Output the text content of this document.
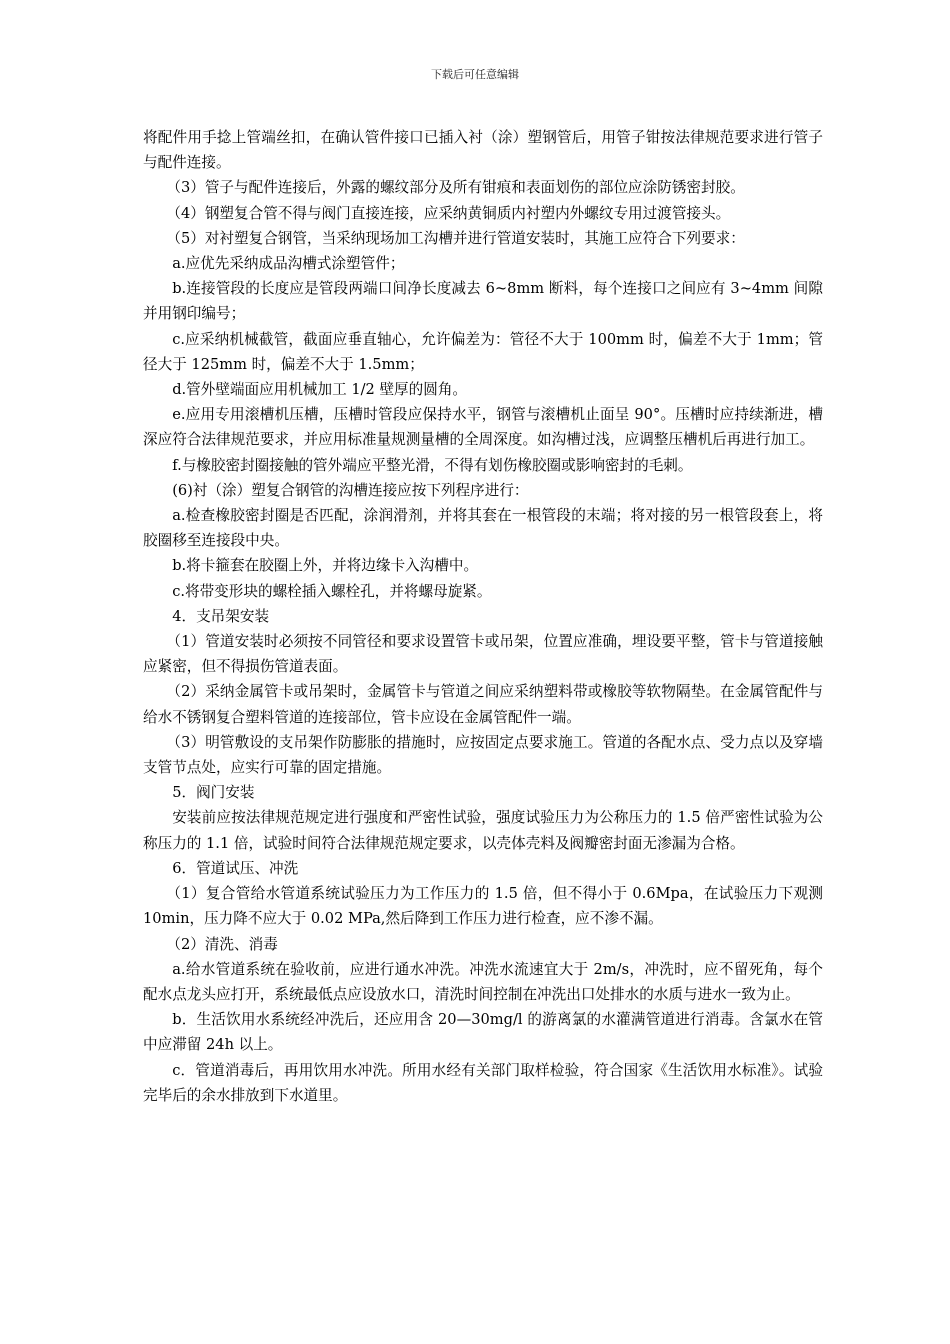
下载后可任意编辑

将配件用手捻上管端丝扣，在确认管件接口已插入衬（涂）塑钢管后，用管子钳按法律规范要求进行管子与配件连接。

（3）管子与配件连接后，外露的螺纹部分及所有钳痕和表面划伤的部位应涂防锈密封胶。

（4）钢塑复合管不得与阀门直接连接，应采纳黄铜质内衬塑内外螺纹专用过渡管接头。

（5）对衬塑复合钢管，当采纳现场加工沟槽并进行管道安装时，其施工应符合下列要求：

a.应优先采纳成品沟槽式涂塑管件；

b.连接管段的长度应是管段两端口间净长度减去 6~8mm 断料，每个连接口之间应有 3~4mm 间隙并用钢印编号；

c.应采纳机械截管，截面应垂直轴心，允许偏差为：管径不大于 100mm 时，偏差不大于 1mm；管径大于 125mm 时，偏差不大于 1.5mm；

d.管外壁端面应用机械加工 1/2 壁厚的圆角。

e.应用专用滚槽机压槽，压槽时管段应保持水平，钢管与滚槽机止面呈 90°。压槽时应持续渐进，槽深应符合法律规范要求，并应用标准量规测量槽的全周深度。如沟槽过浅，应调整压槽机后再进行加工。

f.与橡胶密封圈接触的管外端应平整光滑，不得有划伤橡胶圈或影响密封的毛刺。

(6)衬（涂）塑复合钢管的沟槽连接应按下列程序进行：

a.检查橡胶密封圈是否匹配，涂润滑剂，并将其套在一根管段的末端；将对接的另一根管段套上，将胶圈移至连接段中央。

b.将卡箍套在胶圈上外，并将边缘卡入沟槽中。

c.将带变形块的螺栓插入螺栓孔，并将螺母旋紧。

4．支吊架安装

（1）管道安装时必须按不同管径和要求设置管卡或吊架，位置应准确，埋设要平整，管卡与管道接触应紧密，但不得损伤管道表面。

（2）采纳金属管卡或吊架时，金属管卡与管道之间应采纳塑料带或橡胶等软物隔垫。在金属管配件与给水不锈钢复合塑料管道的连接部位，管卡应设在金属管配件一端。

（3）明管敷设的支吊架作防膨胀的措施时，应按固定点要求施工。管道的各配水点、受力点以及穿墙支管节点处，应实行可靠的固定措施。

5．阀门安装

安装前应按法律规范规定进行强度和严密性试验，强度试验压力为公称压力的 1.5 倍严密性试验为公称压力的 1.1 倍，试验时间符合法律规范规定要求，以壳体壳料及阀瓣密封面无渗漏为合格。

6．管道试压、冲洗

（1）复合管给水管道系统试验压力为工作压力的 1.5 倍，但不得小于 0.6Mpa，在试验压力下观测 10min，压力降不应大于 0.02 MPa,然后降到工作压力进行检查，应不渗不漏。

（2）清洗、消毒

a.给水管道系统在验收前，应进行通水冲洗。冲洗水流速宜大于 2m/s，冲洗时，应不留死角，每个配水点龙头应打开，系统最低点应设放水口，清洗时间控制在冲洗出口处排水的水质与进水一致为止。

b．生活饮用水系统经冲洗后，还应用含 20—30mg/l 的游离氯的水灌满管道进行消毒。含氯水在管中应滞留 24h 以上。

c．管道消毒后，再用饮用水冲洗。所用水经有关部门取样检验，符合国家《生活饮用水标准》。试验完毕后的余水排放到下水道里。
